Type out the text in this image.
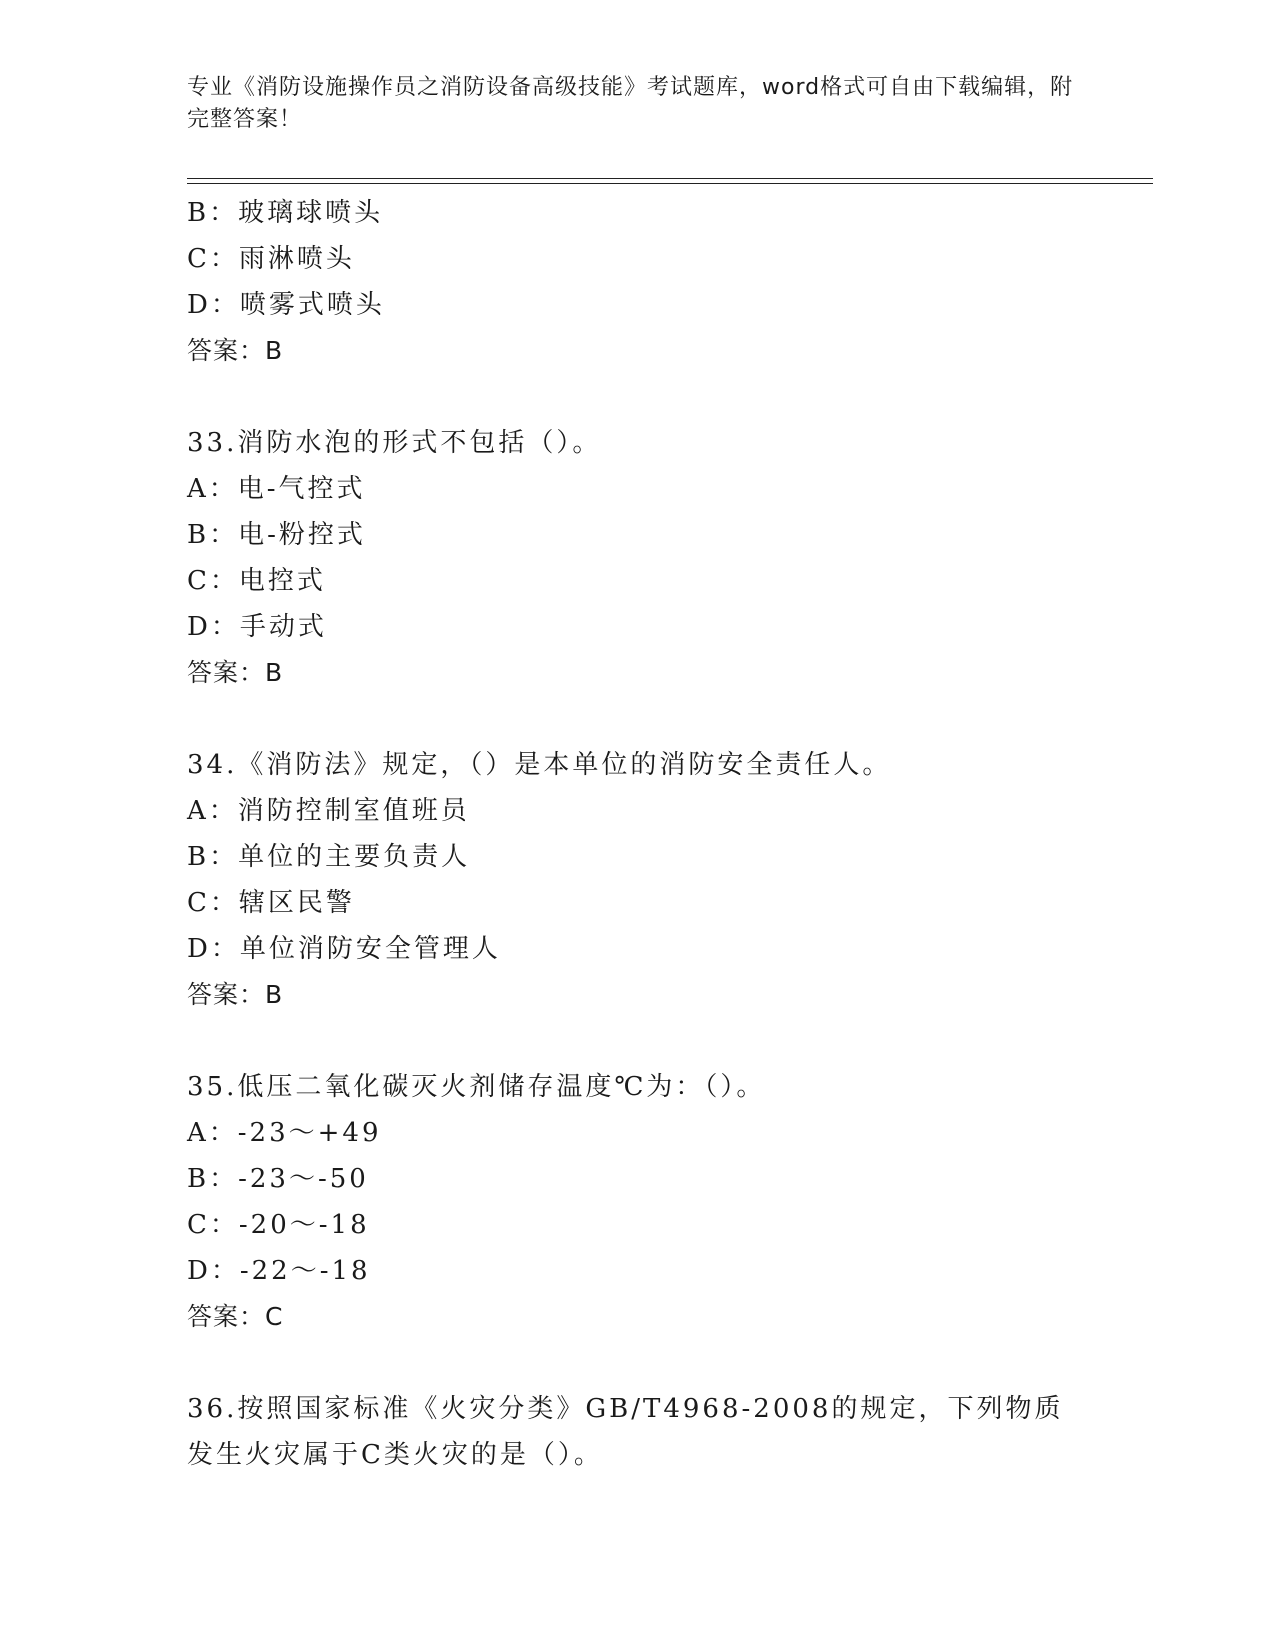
专业《消防设施操作员之消防设备高级技能》考试题库，word格式可自由下载编辑，附完整答案！
B：玻璃球喷头
C：雨淋喷头
D：喷雾式喷头
答案：B
33.消防水泡的形式不包括（）。
A：电-气控式
B：电-粉控式
C：电控式
D：手动式
答案：B
34.《消防法》规定，（）是本单位的消防安全责任人。
A：消防控制室值班员
B：单位的主要负责人
C：辖区民警
D：单位消防安全管理人
答案：B
35.低压二氧化碳灭火剂储存温度℃为：（）。
A：-23～+49
B：-23～-50
C：-20～-18
D：-22～-18
答案：C
36.按照国家标准《火灾分类》GB/T4968-2008的规定，下列物质发生火灾属于C类火灾的是（）。
